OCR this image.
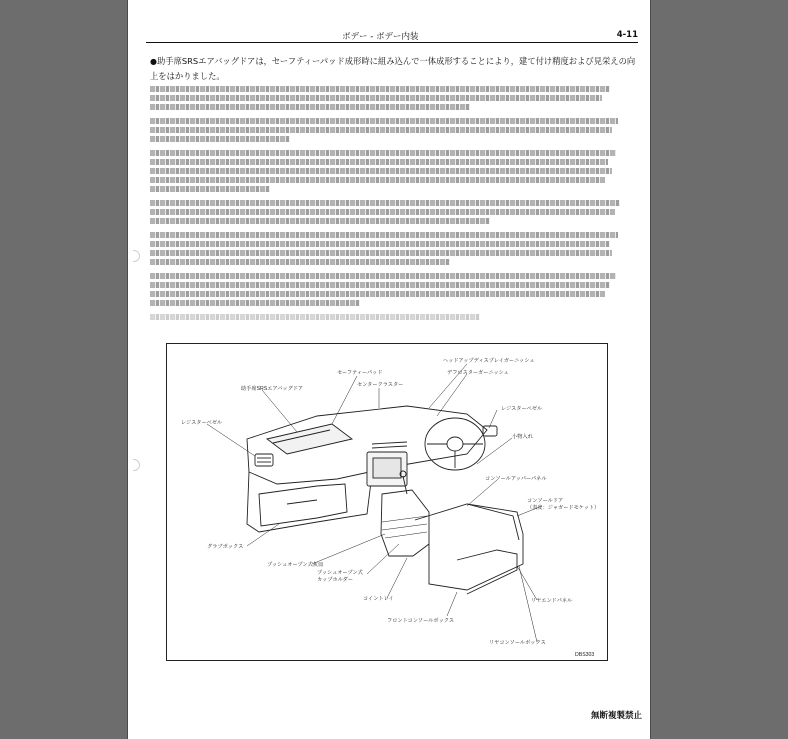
ボデー - ボデー内装	4-11
●助手席SRSエアバッグドアは，セーフティーパッド成形時に組み込んで一体成形することにより，建て付け精度および見栄えの向上をはかりました。
セーフティーパッド
ヘッドアップディスプレイガーニッシュ
デフロスターガーニッシュ
センタークラスター
助手席SRSエアバッグドア
レジスターベゼル
レジスターベゼル
小物入れ
コンソールアッパーパネル
コンソールドア
（表皮：ジャガードモケット）
グラブボックス
プッシュオープン式灰皿
プッシュオープン式
カップホルダー
コイントレイ	リヤエンドパネル
フロントコンソールボックス
リヤコンソールボックス
DBS303
無断複製禁止
